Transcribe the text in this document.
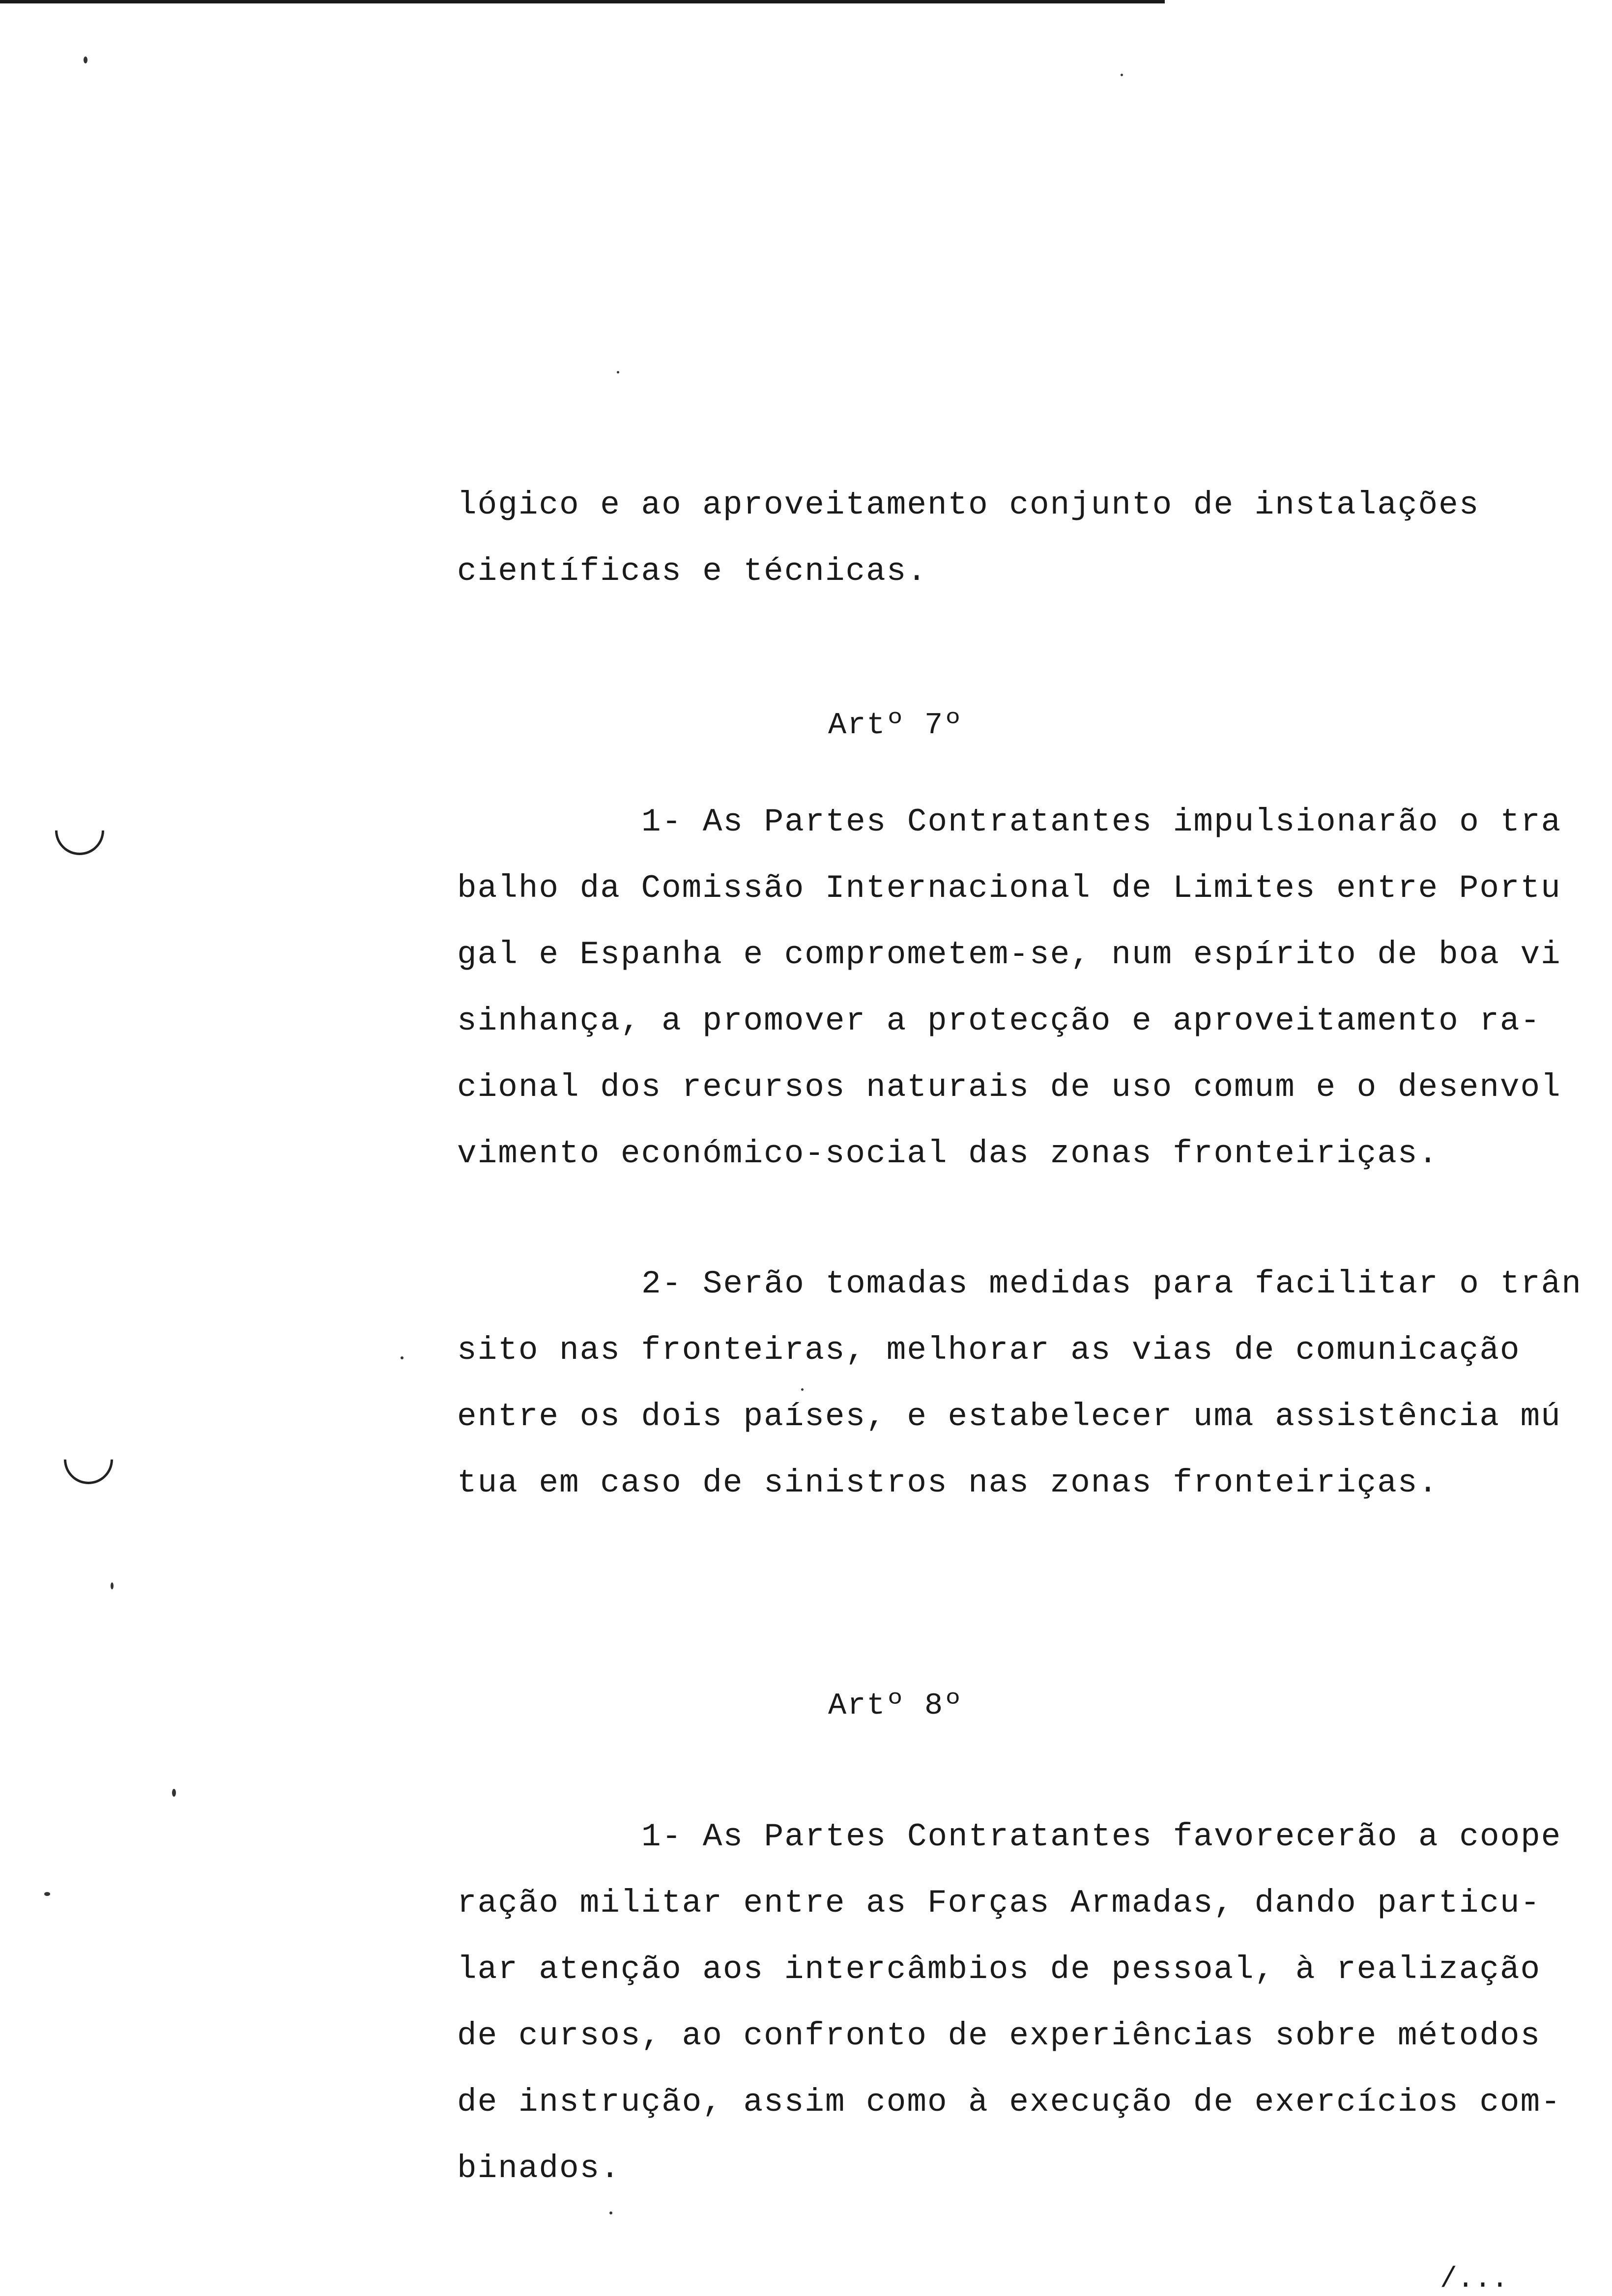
lógico e ao aproveitamento conjunto de instalações
científicas e técnicas.
Artº 7º
1- As Partes Contratantes impulsionarão o tra
balho da Comissão Internacional de Limites entre Portu
gal e Espanha e comprometem-se, num espírito de boa vi
sinhança, a promover a protecção e aproveitamento ra-
cional dos recursos naturais de uso comum e o desenvol
vimento económico-social das zonas fronteiriças.
2- Serão tomadas medidas para facilitar o trân
sito nas fronteiras, melhorar as vias de comunicação
entre os dois países, e estabelecer uma assistência mú
tua em caso de sinistros nas zonas fronteiriças.
Artº 8º
1- As Partes Contratantes favorecerão a coope
ração militar entre as Forças Armadas, dando particu-
lar atenção aos intercâmbios de pessoal, à realização
de cursos, ao confronto de experiências sobre métodos
de instrução, assim como à execução de exercícios com-
binados.
/...
